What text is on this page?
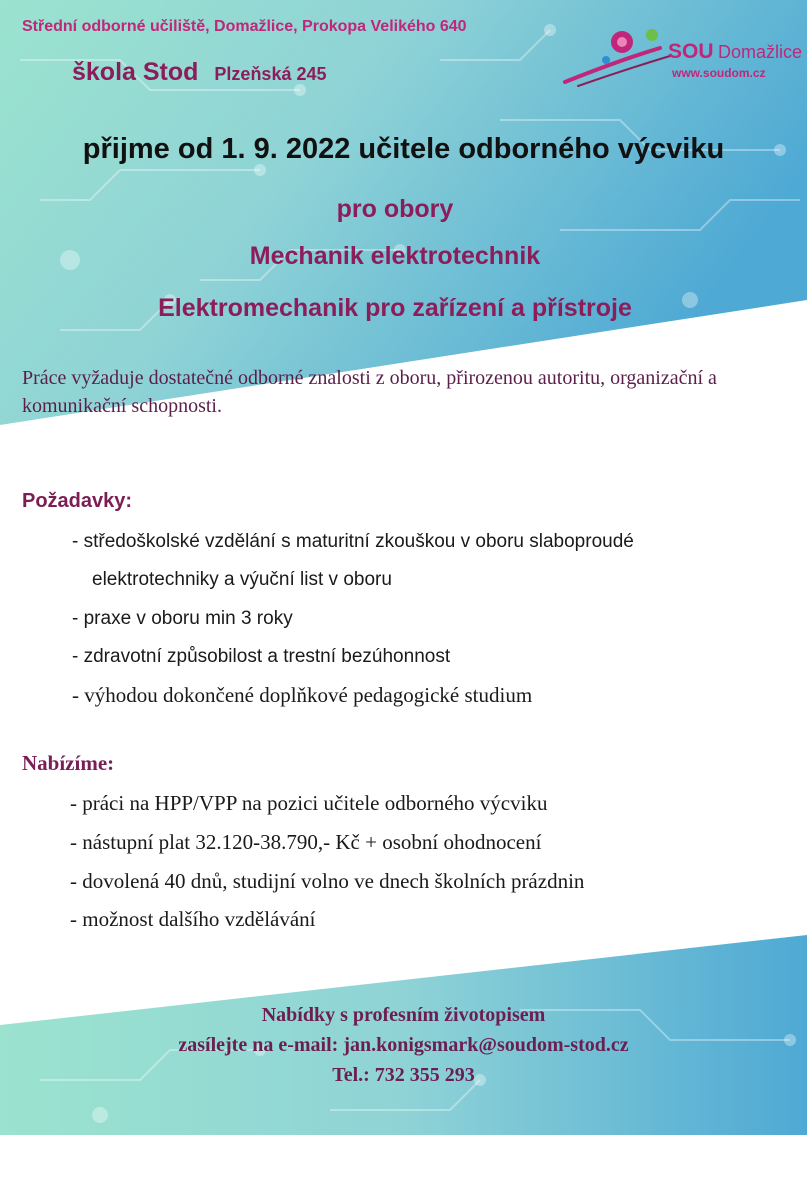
Střední odborné učiliště, Domažlice, Prokopa Velikého 640
škola Stod Plzeňská 245
SOU Domažlice
www.soudom.cz
přijme od 1. 9. 2022 učitele odborného výcviku
pro obory
Mechanik elektrotechnik
Elektromechanik pro zařízení a přístroje
Práce vyžaduje dostatečné odborné znalosti z oboru, přirozenou autoritu, organizační a komunikační schopnosti.
Požadavky:
- středoškolské vzdělání s maturitní zkouškou v oboru slaboproudé
elektrotechniky a výuční list v oboru
- praxe v oboru min 3 roky
- zdravotní způsobilost a trestní bezúhonnost
- výhodou dokončené doplňkové pedagogické studium
Nabízíme:
- práci na HPP/VPP na pozici učitele odborného výcviku
- nástupní plat 32.120-38.790,- Kč + osobní ohodnocení
- dovolená 40 dnů, studijní volno ve dnech školních prázdnin
- možnost dalšího vzdělávání
Nabídky s profesním životopisem
zasílejte na e-mail: jan.konigsmark@soudom-stod.cz
Tel.: 732 355 293
